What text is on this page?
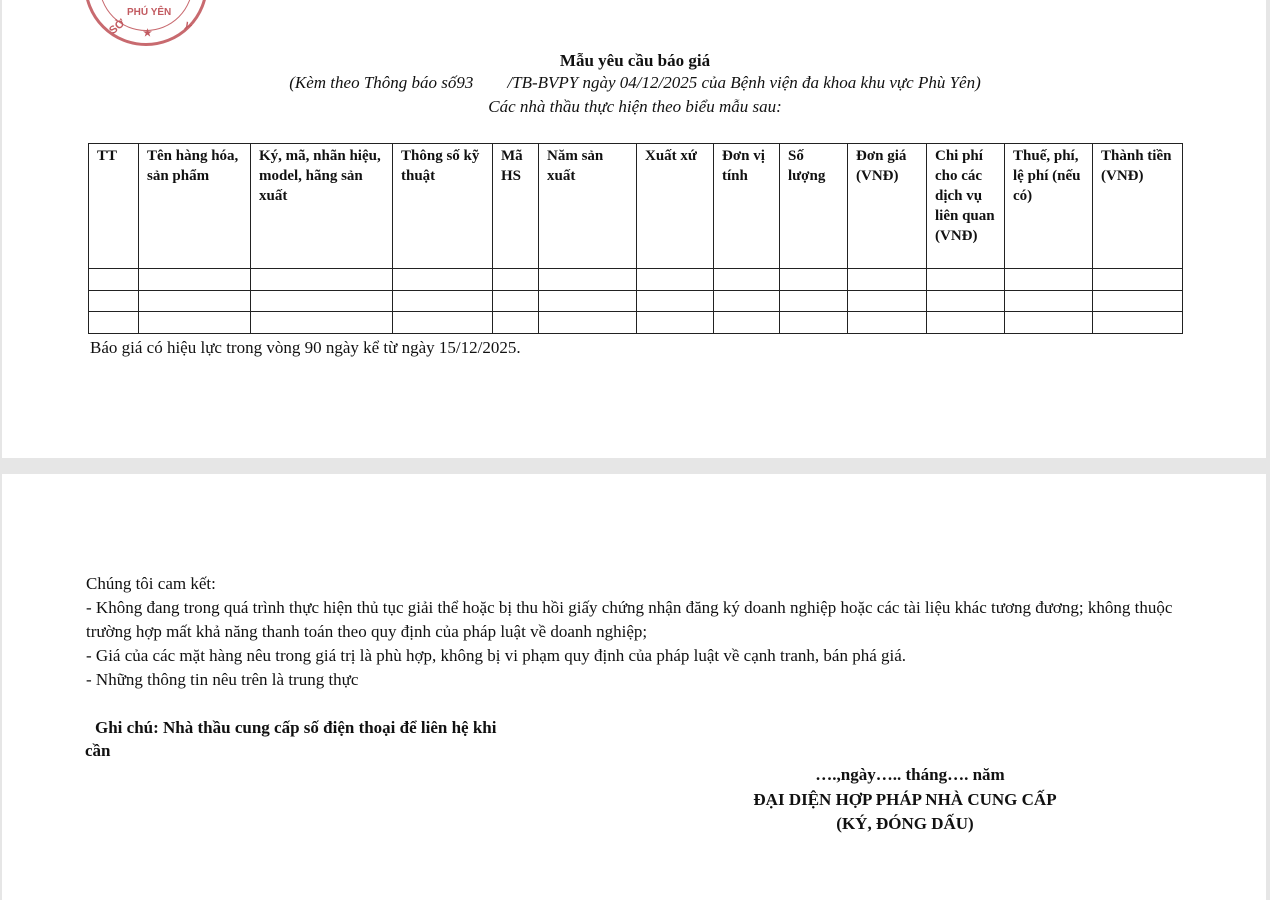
PHÚ YÊN
SỞ	Y
★
Mẫu yêu cầu báo giá
(Kèm theo Thông báo số93        /TB-BVPY ngày 04/12/2025 của Bệnh viện đa khoa khu vực Phù Yên)
Các nhà thầu thực hiện theo biểu mẫu sau:
TT	Tên hàng hóa, sản phẩm	Ký, mã, nhãn hiệu, model, hãng sản xuất	Thông số kỹ thuật	Mã HS	Năm sản xuất	Xuất xứ	Đơn vị tính	Số lượng	Đơn giá (VNĐ)	Chi phí cho các dịch vụ liên quan (VNĐ)	Thuế, phí, lệ phí (nếu có)	Thành tiền (VNĐ)

Báo giá có hiệu lực trong vòng 90 ngày kể từ ngày 15/12/2025.

Chúng tôi cam kết:

- Không đang trong quá trình thực hiện thủ tục giải thể hoặc bị thu hồi giấy chứng nhận đăng ký doanh nghiệp hoặc các tài liệu khác tương đương; không thuộc trường hợp mất khả năng thanh toán theo quy định của pháp luật về doanh nghiệp;

- Giá của các mặt hàng nêu trong giá trị là phù hợp, không bị vi phạm quy định của pháp luật về cạnh tranh, bán phá giá.

- Những thông tin nêu trên là trung thực

Ghi chú: Nhà thầu cung cấp số điện thoại để liên hệ khi
cần
….,ngày….. tháng…. năm
ĐẠI DIỆN HỢP PHÁP NHÀ CUNG CẤP
(KÝ, ĐÓNG DẤU)
